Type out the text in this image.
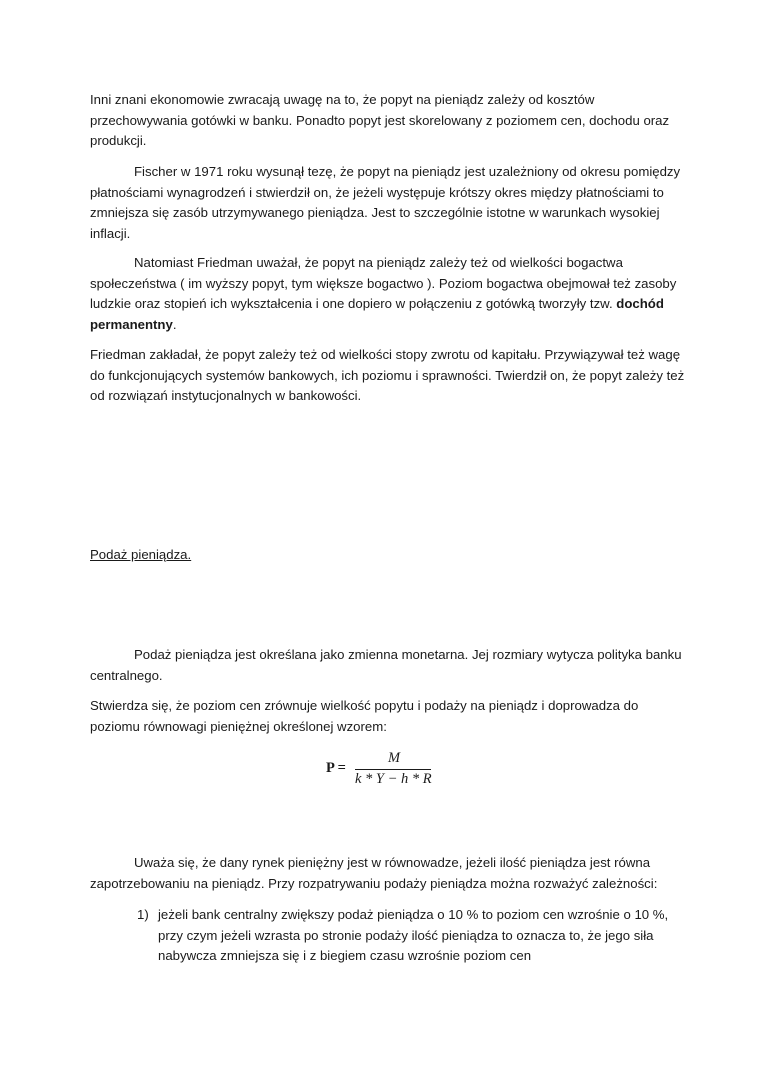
Inni znani ekonomowie zwracają uwagę na to, że popyt na pieniądz zależy od kosztów
przechowywania gotówki w banku. Ponadto popyt jest skorelowany z poziomem cen, dochodu oraz
produkcji.

Fischer w 1971 roku wysunął tezę, że popyt na pieniądz jest uzależniony od okresu pomiędzy
płatnościami wynagrodzeń i stwierdził on, że jeżeli występuje krótszy okres między płatnościami to
zmniejsza się zasób utrzymywanego pieniądza. Jest to szczególnie istotne w warunkach wysokiej
inflacji.

Natomiast Friedman uważał, że popyt na pieniądz zależy też od wielkości bogactwa
społeczeństwa ( im wyższy popyt, tym większe bogactwo ). Poziom bogactwa obejmował też zasoby
ludzkie oraz stopień ich wykształcenia i one dopiero w połączeniu z gotówką tworzyły tzw. dochód
permanentny.

Friedman zakładał, że popyt zależy też od wielkości stopy zwrotu od kapitału. Przywiązywał też wagę
do funkcjonujących systemów bankowych, ich poziomu i sprawności. Twierdził on, że popyt zależy też
od rozwiązań instytucjonalnych w bankowości.

Podaż pieniądza.

Podaż pieniądza jest określana jako zmienna monetarna. Jej rozmiary wytycza polityka banku
centralnego.

Stwierdza się, że poziom cen zrównuje wielkość popytu i podaży na pieniądz i doprowadza do
poziomu równowagi pieniężnej określonej wzorem:

P =
M
k * Y − h * R

Uważa się, że dany rynek pieniężny jest w równowadze, jeżeli ilość pieniądza jest równa
zapotrzebowaniu na pieniądz. Przy rozpatrywaniu podaży pieniądza można rozważyć zależności:

1) jeżeli bank centralny zwiększy podaż pieniądza o 10 % to poziom cen wzrośnie o 10 %,
przy czym jeżeli wzrasta po stronie podaży ilość pieniądza to oznacza to, że jego siła
nabywcza zmniejsza się i z biegiem czasu wzrośnie poziom cen
